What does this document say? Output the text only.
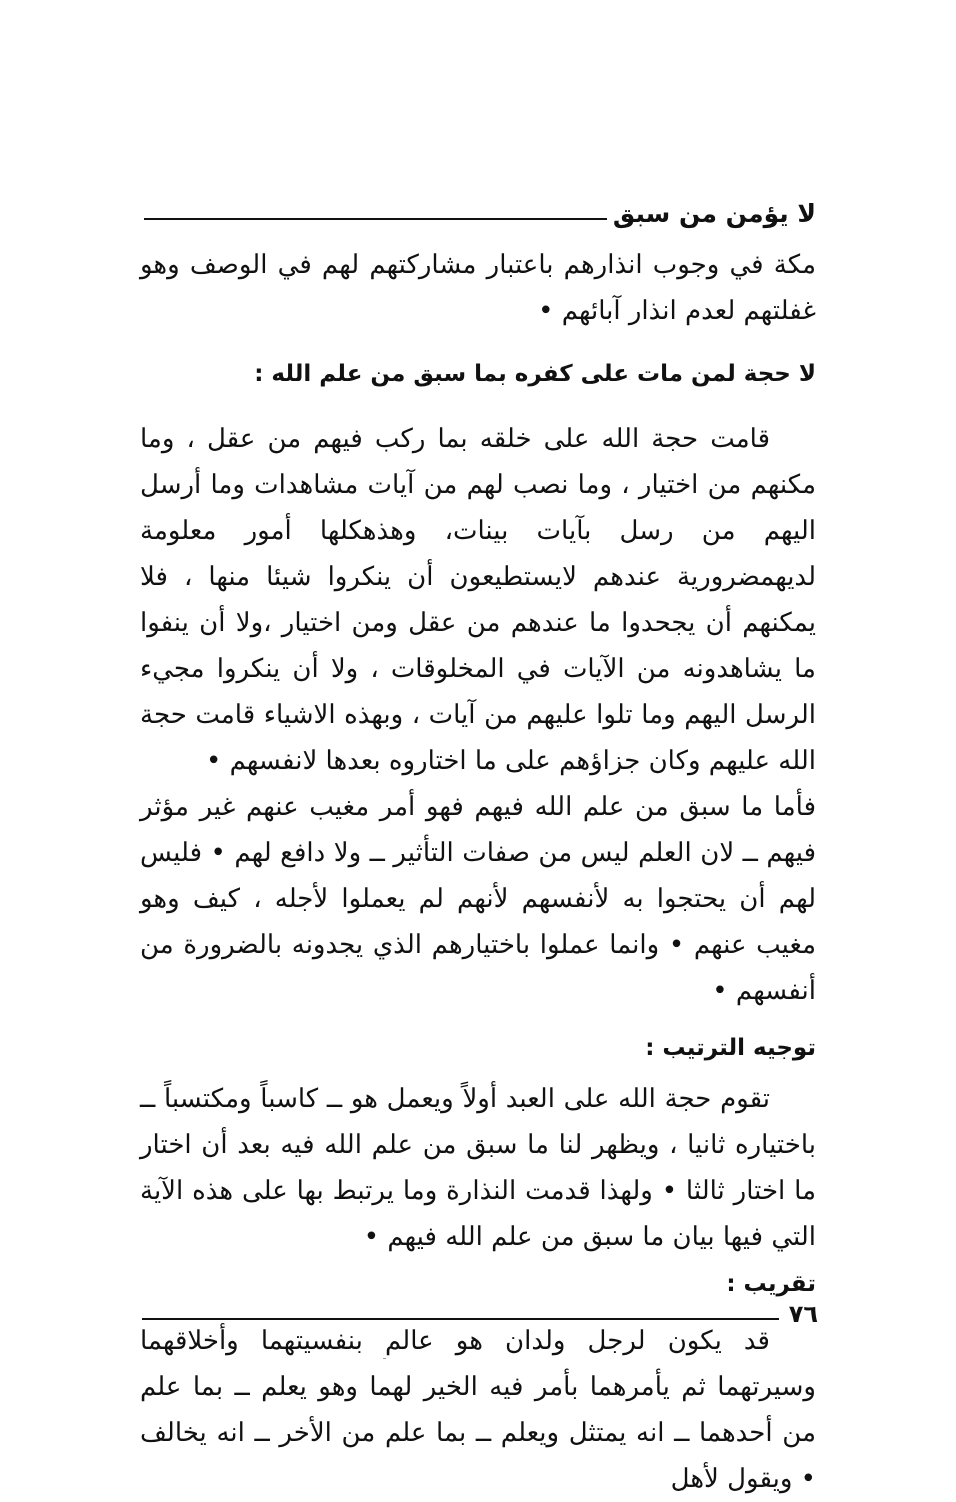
لا يؤمن من سبق

مكة في وجوب انذارهم باعتبار مشاركتهم لهم في الوصف وهو غفلتهم لعدم انذار آبائهم •

لا حجة لمن مات على كفره بما سبق من علم الله :

قامت حجة الله على خلقه بما ركب فيهم من عقل ، وما مكنهم من اختيار ، وما نصب لهم من آيات مشاهدات وما أرسل اليهم من رسل بآيات بينات، وهذهكلها أمور معلومة لديهمضرورية عندهم لايستطيعون أن ينكروا شيئا منها ، فلا يمكنهم أن يجحدوا ما عندهم من عقل ومن اختيار ،ولا أن ينفوا ما يشاهدونه من الآيات في المخلوقات ، ولا أن ينكروا مجيء الرسل اليهم وما تلوا عليهم من آيات ، وبهذه الاشياء قامت حجة الله عليهم وكان جزاؤهم على ما اختاروه بعدها لانفسهم •

فأما ما سبق من علم الله فيهم فهو أمر مغيب عنهم غير مؤثر فيهم ــ لان العلم ليس من صفات التأثير ــ ولا دافع لهم • فليس لهم أن يحتجوا به لأنفسهم لأنهم لم يعملوا لأجله ، كيف وهو مغيب عنهم • وانما عملوا باختيارهم الذي يجدونه بالضرورة من أنفسهم •

توجيه الترتيب :

تقوم حجة الله على العبد أولاً ويعمل هو ــ كاسباً ومكتسباً ــ باختياره ثانيا ، ويظهر لنا ما سبق من علم الله فيه بعد أن اختار ما اختار ثالثا • ولهذا قدمت النذارة وما يرتبط بها على هذه الآية التي فيها بيان ما سبق من علم الله فيهم •

تقريب :

قد يكون لرجل ولدان هو عالم بنفسيتهما وأخلاقهما وسيرتهما ثم يأمرهما بأمر فيه الخير لهما وهو يعلم ــ بما علم من أحدهما ــ انه يمتثل ويعلم ــ بما علم من الأخر ــ انه يخالف • ويقول لأهل

٧٦
